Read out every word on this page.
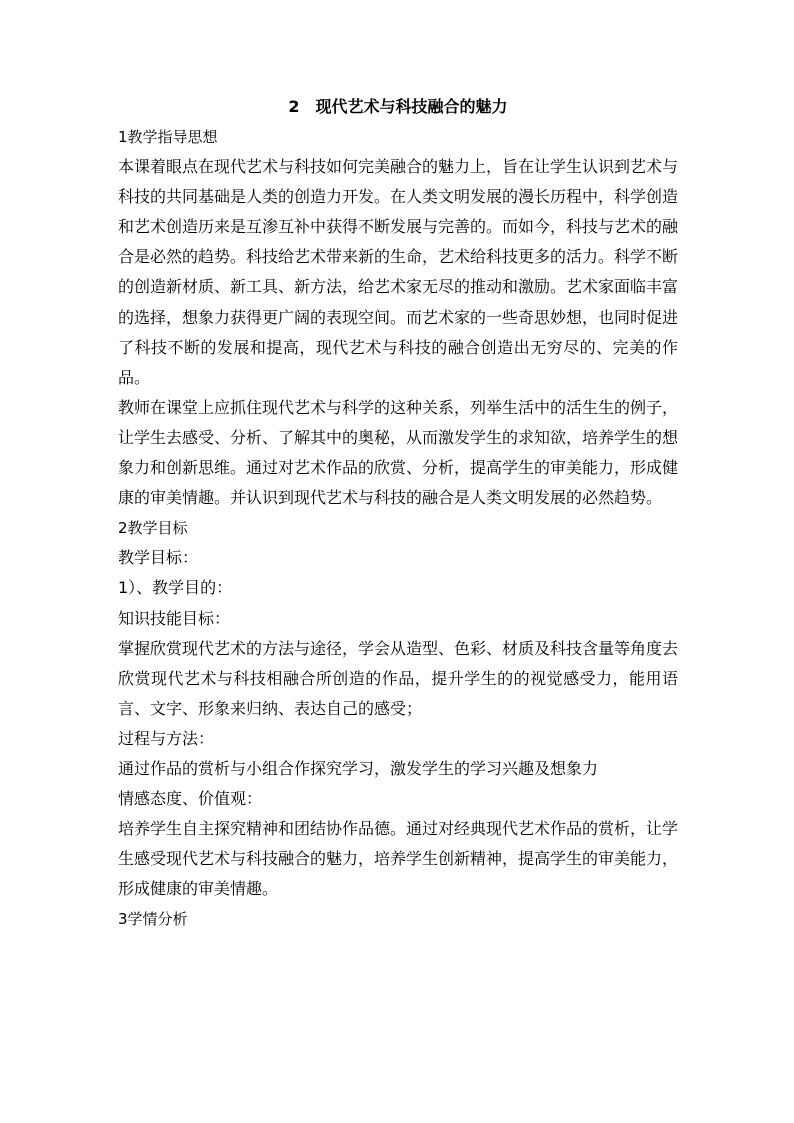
2　现代艺术与科技融合的魅力

1教学指导思想

本课着眼点在现代艺术与科技如何完美融合的魅力上，旨在让学生认识到艺术与科技的共同基础是人类的创造力开发。在人类文明发展的漫长历程中，科学创造和艺术创造历来是互渗互补中获得不断发展与完善的。而如今，科技与艺术的融合是必然的趋势。科技给艺术带来新的生命，艺术给科技更多的活力。科学不断的创造新材质、新工具、新方法，给艺术家无尽的推动和激励。艺术家面临丰富的选择，想象力获得更广阔的表现空间。而艺术家的一些奇思妙想，也同时促进了科技不断的发展和提高，现代艺术与科技的融合创造出无穷尽的、完美的作品。

教师在课堂上应抓住现代艺术与科学的这种关系，列举生活中的活生生的例子，让学生去感受、分析、了解其中的奥秘，从而激发学生的求知欲，培养学生的想象力和创新思维。通过对艺术作品的欣赏、分析，提高学生的审美能力，形成健康的审美情趣。并认识到现代艺术与科技的融合是人类文明发展的必然趋势。

2教学目标

教学目标：

1）、教学目的：

知识技能目标：

掌握欣赏现代艺术的方法与途径，学会从造型、色彩、材质及科技含量等角度去欣赏现代艺术与科技相融合所创造的作品，提升学生的的视觉感受力，能用语言、文字、形象来归纳、表达自己的感受；

过程与方法：

通过作品的赏析与小组合作探究学习，激发学生的学习兴趣及想象力

情感态度、价值观：

培养学生自主探究精神和团结协作品德。通过对经典现代艺术作品的赏析，让学生感受现代艺术与科技融合的魅力，培养学生创新精神，提高学生的审美能力，形成健康的审美情趣。

3学情分析
